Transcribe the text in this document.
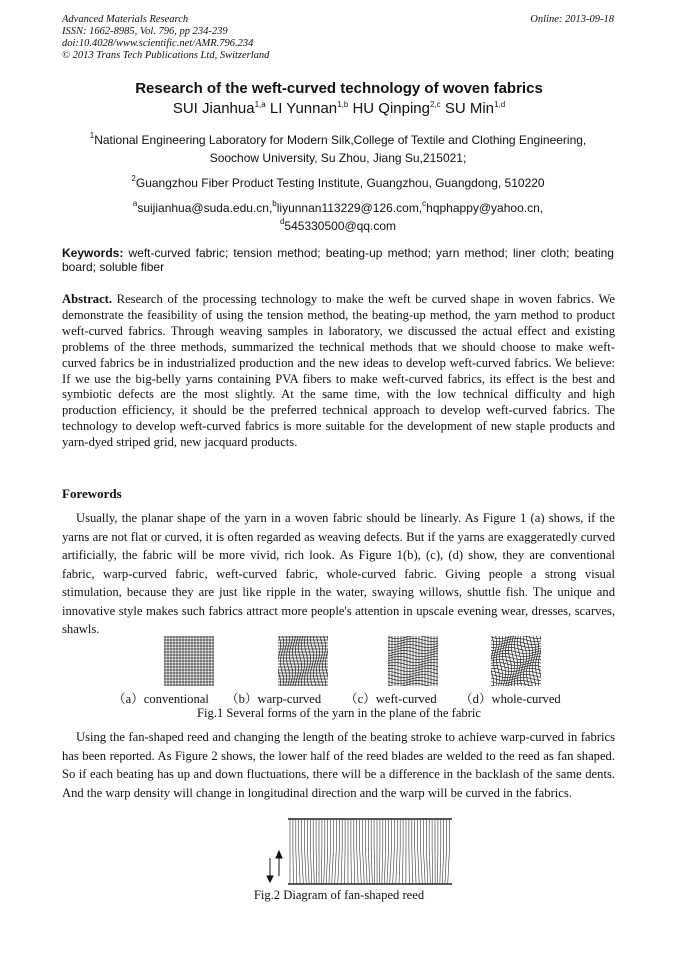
Advanced Materials Research
ISSN: 1662-8985, Vol. 796, pp 234-239
doi:10.4028/www.scientific.net/AMR.796.234
© 2013 Trans Tech Publications Ltd, Switzerland
Online: 2013-09-18
Research of the weft-curved technology of woven fabrics
SUI Jianhua$^{1,a}$ LI Yunnan$^{1,b}$ HU Qinping$^{2,c}$ SU Min$^{1,d}$
$^1$National Engineering Laboratory for Modern Silk,College of Textile and Clothing Engineering,
Soochow University, Su Zhou, Jiang Su,215021;
$^2$Guangzhou Fiber Product Testing Institute, Guangzhou, Guangdong, 510220
$^a$suijianhua@suda.edu.cn,$^b$liyunnan113229@126.com,$^c$hqphappy@yahoo.cn,
$^d$545330500@qq.com
Keywords: weft-curved fabric; tension method; beating-up method; yarn method; liner cloth; beating board; soluble fiber
Abstract. Research of the processing technology to make the weft be curved shape in woven fabrics. We demonstrate the feasibility of using the tension method, the beating-up method, the yarn method to product weft-curved fabrics. Through weaving samples in laboratory, we discussed the actual effect and existing problems of the three methods, summarized the technical methods that we should choose to make weft-curved fabrics be in industrialized production and the new ideas to develop weft-curved fabrics. We believe: If we use the big-belly yarns containing PVA fibers to make weft-curved fabrics, its effect is the best and symbiotic defects are the most slightly. At the same time, with the low technical difficulty and high production efficiency, it should be the preferred technical approach to develop weft-curved fabrics. The technology to develop weft-curved fabrics is more suitable for the development of new staple products and yarn-dyed striped grid, new jacquard products.
Forewords
Usually, the planar shape of the yarn in a woven fabric should be linearly. As Figure 1 (a) shows, if the yarns are not flat or curved, it is often regarded as weaving defects. But if the yarns are exaggeratedly curved artificially, the fabric will be more vivid, rich look. As Figure 1(b), (c), (d) show, they are conventional fabric, warp-curved fabric, weft-curved fabric, whole-curved fabric. Giving people a strong visual stimulation, because they are just like ripple in the water, swaying willows, shuttle fish. The unique and innovative style makes such fabrics attract more people's attention in upscale evening wear, dresses, scarves, shawls.
（a）conventional （b）warp-curved （c）weft-curved （d）whole-curved
Fig.1 Several forms of the yarn in the plane of the fabric
Using the fan-shaped reed and changing the length of the beating stroke to achieve warp-curved in fabrics has been reported. As Figure 2 shows, the lower half of the reed blades are welded to the reed as fan shaped. So if each beating has up and down fluctuations, there will be a difference in the backlash of the same dents. And the warp density will change in longitudinal direction and the warp will be curved in the fabrics.
Fig.2 Diagram of fan-shaped reed
